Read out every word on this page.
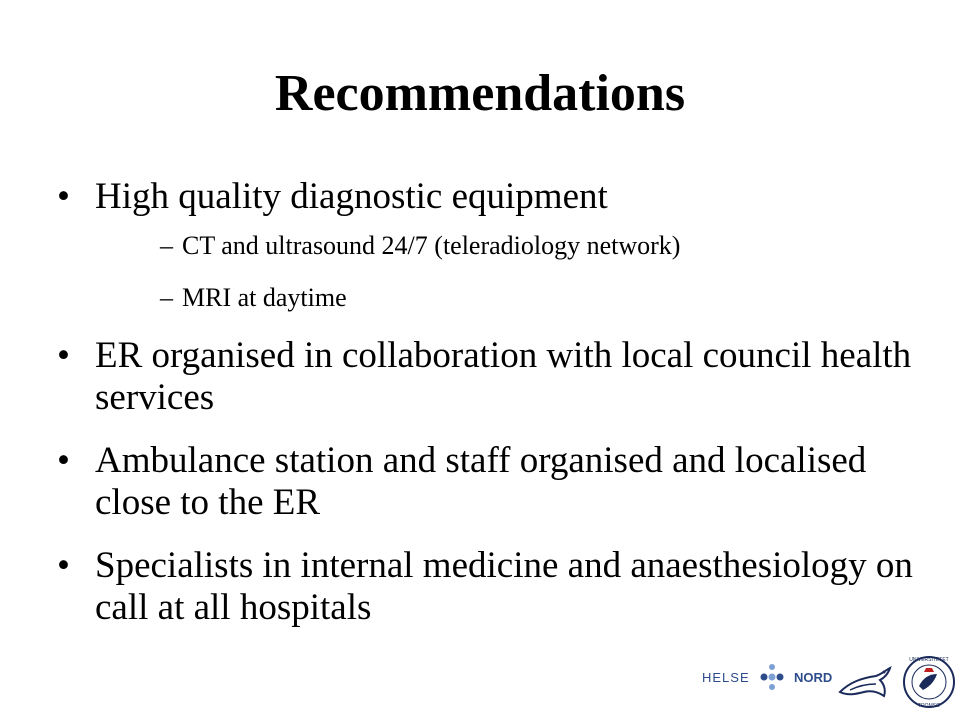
Recommendations
• High quality diagnostic equipment
– CT and ultrasound 24/7 (teleradiology network)
– MRI at daytime
• ER organised in collaboration with local council health services
• Ambulance station and staff organised and localised close to the ER
• Specialists in internal medicine and anaesthesiology on call at all hospitals
HELSE	NORD
UNIVERSITETET
TROMSØ
